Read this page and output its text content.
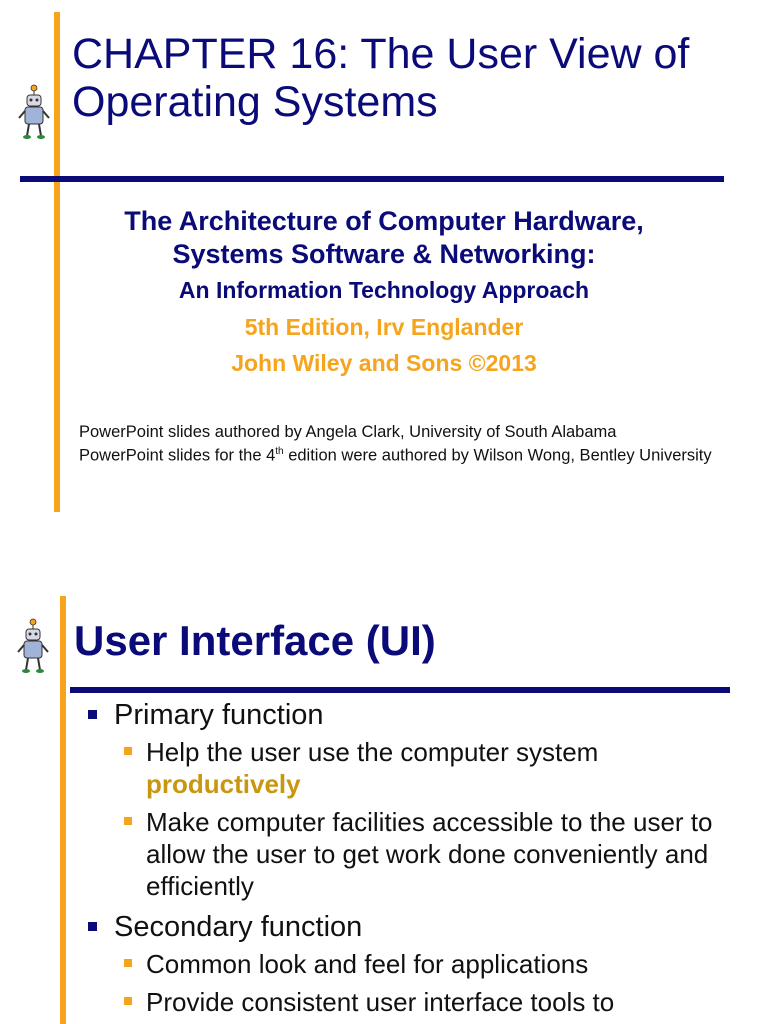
CHAPTER 16: The User View of Operating Systems

The Architecture of Computer Hardware,

Systems Software & Networking:

An Information Technology Approach

5th Edition, Irv Englander

John Wiley and Sons ©2013

PowerPoint slides authored by Angela Clark, University of South Alabama
PowerPoint slides for the 4th edition were authored by Wilson Wong, Bentley University
User Interface (UI)
Primary function
Help the user use the computer system productively
Make computer facilities accessible to the user to allow the user to get work done conveniently and efficiently
Secondary function
Common look and feel for applications
Provide consistent user interface tools to
